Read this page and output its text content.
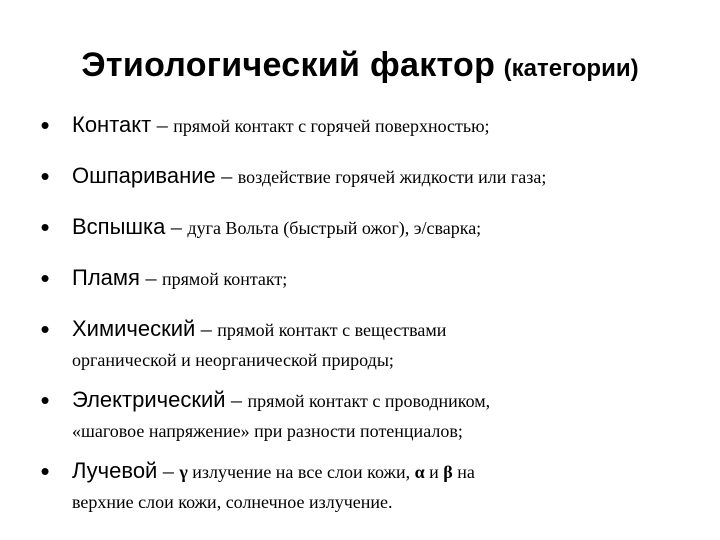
Этиологический фактор (категории)
•	Контакт – прямой контакт с горячей поверхностью;
•	Ошпаривание – воздействие горячей жидкости или газа;
•	Вспышка – дуга Вольта (быстрый ожог), э/сварка;
•	Пламя – прямой контакт;
•	Химический – прямой контакт с веществами
органической и неорганической природы;
•	Электрический – прямой контакт с проводником,
«шаговое напряжение» при разности потенциалов;
•	Лучевой – γ излучение на все слои кожи, α и β на
верхние слои кожи, солнечное излучение.
